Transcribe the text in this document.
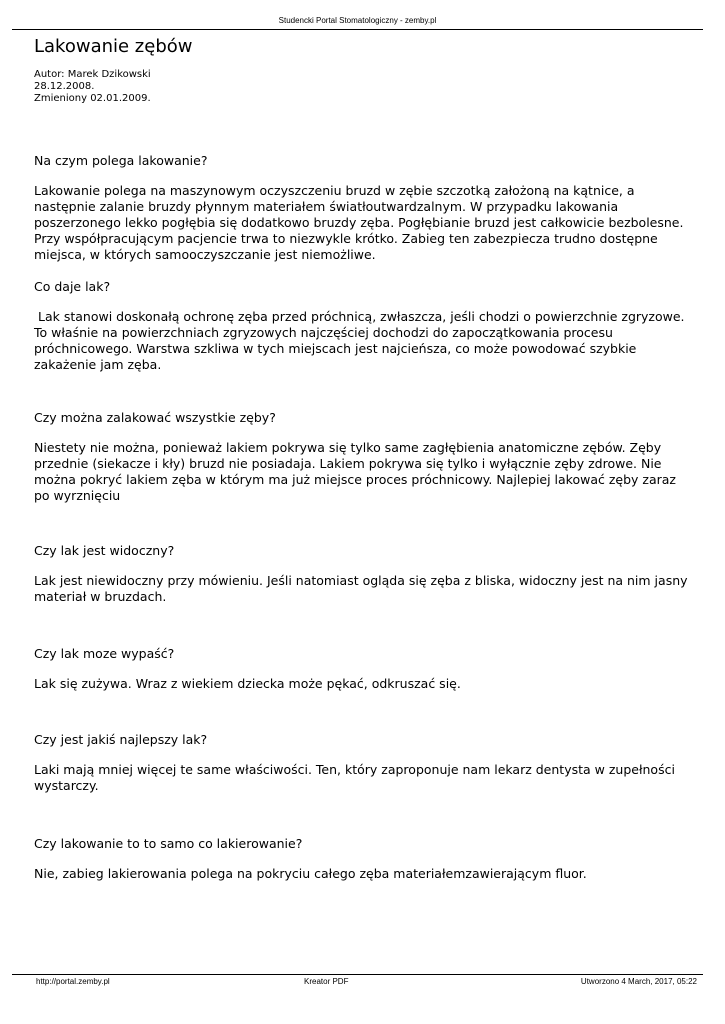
Studencki Portal Stomatologiczny - zemby.pl
Lakowanie zębów
Autor: Marek Dzikowski
28.12.2008.
Zmieniony 02.01.2009.

Na czym polega lakowanie?

Lakowanie polega na maszynowym oczyszczeniu bruzd w zębie szczotką założoną na kątnice, a następnie zalanie bruzdy płynnym materiałem światłoutwardzalnym. W przypadku lakowania poszerzonego lekko pogłębia się dodatkowo bruzdy zęba. Pogłębianie bruzd jest całkowicie bezbolesne. Przy współpracującym pacjencie trwa to niezwykle krótko. Zabieg ten zabezpiecza trudno dostępne miejsca, w których samooczyszczanie jest niemożliwe.

Co daje lak?

Lak stanowi doskonałą ochronę zęba przed próchnicą, zwłaszcza, jeśli chodzi o powierzchnie zgryzowe. To właśnie na powierzchniach zgryzowych najczęściej dochodzi do zapoczątkowania procesu próchnicowego. Warstwa szkliwa w tych miejscach jest najcieńsza, co może powodować szybkie zakażenie jam zęba.

Czy można zalakować wszystkie zęby?

Niestety nie można, ponieważ lakiem pokrywa się tylko same zagłębienia anatomiczne zębów. Zęby przednie (siekacze i kły) bruzd nie posiadaja. Lakiem pokrywa się tylko i wyłącznie zęby zdrowe. Nie można pokryć lakiem zęba w którym ma już miejsce proces próchnicowy. Najlepiej lakować zęby zaraz po wyrznięciu

Czy lak jest widoczny?

Lak jest niewidoczny przy mówieniu. Jeśli natomiast ogląda się zęba z bliska, widoczny jest na nim jasny materiał w bruzdach.

Czy lak moze wypaść?

Lak się zużywa. Wraz z wiekiem dziecka może pękać, odkruszać się.

Czy jest jakiś najlepszy lak?

Laki mają mniej więcej te same właściwości. Ten, który zaproponuje nam lekarz dentysta w zupełności wystarczy.

Czy lakowanie to to samo co lakierowanie?

Nie, zabieg lakierowania polega na pokryciu całego zęba materiałemzawierającym fluor.

http://portal.zemby.pl	Kreator PDF	Utworzono 4 March, 2017, 05:22
